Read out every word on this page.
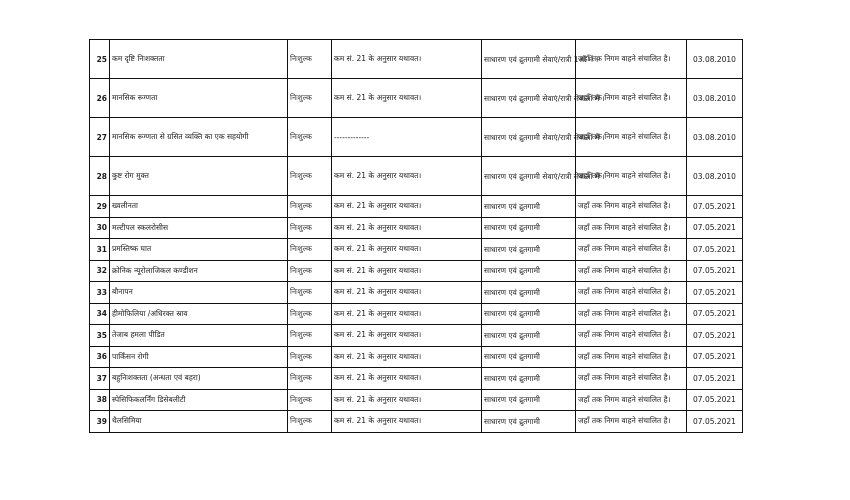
25	कम दृष्टि निःशक्तता	निःशुल्क	कम सं. 21 के अनुसार यथावत।	साधारण एवं द्रुतगामी सेवाएं/रात्री 1ओं में ।	जहाँ तक निगम वाहने संचालित है।	03.08.2010
26	मानसिक रूग्णता	निःशुल्क	कम सं. 21 के अनुसार यथावत।	साधारण एवं द्रुतगामी सेवाएं/रात्री सेवाओं में ।	जहाँ तक निगम वाहने संचालित है।	03.08.2010
27	मानसिक रूग्णता से ग्रसित व्यक्ति का एक सहयोगी	निःशुल्क	-------------	साधारण एवं द्रुतगामी सेवाएं/रात्री सेवाओं में ।	जहाँ तक निगम वाहने संचालित है।	03.08.2010
28	कुष्ट रोग मुक्त	निःशुल्क	कम सं. 21 के अनुसार यथावत।	साधारण एवं द्रुतगामी सेवाएं/रात्री सेवाओं में ।	जहाँ तक निगम वाहने संचालित है।	03.08.2010
29	ख्वलीनता	निःशुल्क	कम सं. 21 के अनुसार यथावत।	साधारण एवं द्रुतगामी	जहाँ तक निगम वाहने संचालित है।	07.05.2021
30	मल्टीपल स्कलरोसीस	निःशुल्क	कम सं. 21 के अनुसार यथावत।	साधारण एवं द्रुतगामी	जहाँ तक निगम वाहने संचालित है।	07.05.2021
31	प्रमस्तिष्क घात	निःशुल्क	कम सं. 21 के अनुसार यथावत।	साधारण एवं द्रुतगामी	जहाँ तक निगम वाहने संचालित है।	07.05.2021
32	क्रोनिक न्यूरोलाजिकल कण्डीशन	निःशुल्क	कम सं. 21 के अनुसार यथावत।	साधारण एवं द्रुतगामी	जहाँ तक निगम वाहने संचालित है।	07.05.2021
33	बौनापन	निःशुल्क	कम सं. 21 के अनुसार यथावत।	साधारण एवं द्रुतगामी	जहाँ तक निगम वाहने संचालित है।	07.05.2021
34	हीमोफिलिया /अधिरक्त स्राव	निःशुल्क	कम सं. 21 के अनुसार यथावत।	साधारण एवं द्रुतगामी	जहाँ तक निगम वाहने संचालित है।	07.05.2021
35	तेजाब हमला पीडित	निःशुल्क	कम सं. 21 के अनुसार यथावत।	साधारण एवं द्रुतगामी	जहाँ तक निगम वाहने संचालित है।	07.05.2021
36	पार्किंसन रोगी	निःशुल्क	कम सं. 21 के अनुसार यथावत।	साधारण एवं द्रुतगामी	जहाँ तक निगम वाहने संचालित है।	07.05.2021
37	बहुनिःशक्तता (अन्धता एवं बहरा)	निःशुल्क	कम सं. 21 के अनुसार यथावत।	साधारण एवं द्रुतगामी	जहाँ तक निगम वाहने संचालित है।	07.05.2021
38	स्पेसिफिकलर्निंग डिसेबलीटी	निःशुल्क	कम सं. 21 के अनुसार यथावत।	साधारण एवं द्रुतगामी	जहाँ तक निगम वाहने संचालित है।	07.05.2021
39	थैलसिमिया	निःशुल्क	कम सं. 21 के अनुसार यथावत।	साधारण एवं द्रुतगामी	जहाँ तक निगम वाहने संचालित है।	07.05.2021
